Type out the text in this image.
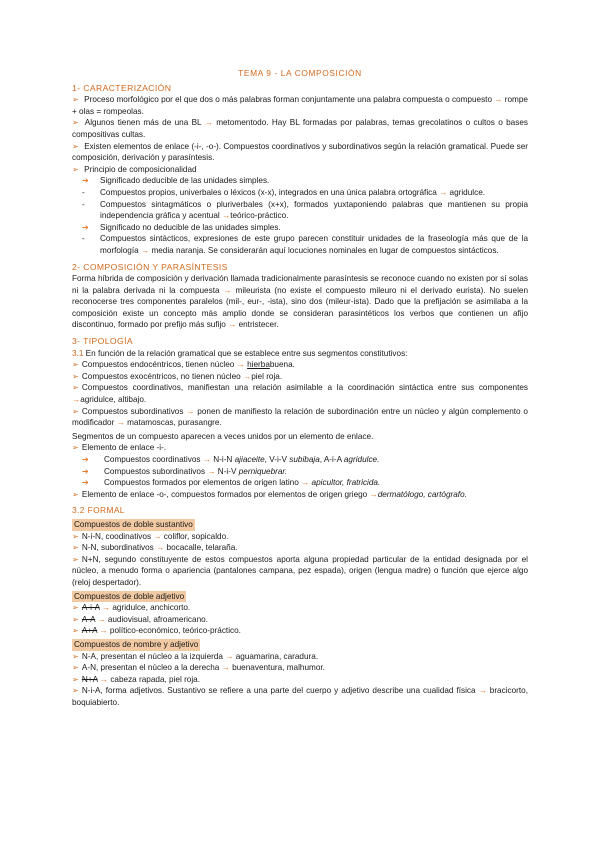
TEMA 9 - LA COMPOSICIÓN
1- CARACTERIZACIÓN
➢ Proceso morfológico por el que dos o más palabras forman conjuntamente una palabra compuesta o compuesto → rompe + olas = rompeolas.
➢ Algunos tienen más de una BL → metomentodo. Hay BL formadas por palabras, temas grecolatinos o cultos o bases compositivas cultas.
➢ Existen elementos de enlace (-i-, -o-). Compuestos coordinativos y subordinativos según la relación gramatical. Puede ser composición, derivación y parasíntesis.
➢ Principio de composicionalidad
➔	Significado deducible de las unidades simples.
-	Compuestos propios, univerbales o léxicos (x-x), integrados en una única palabra ortográfica → agridulce.
-	Compuestos sintagmáticos o pluriverbales (x+x), formados yuxtaponiendo palabras que mantienen su propia independencia gráfica y acentual →teórico-práctico.
➔	Significado no deducible de las unidades simples.
-	Compuestos sintácticos, expresiones de este grupo parecen constituir unidades de la fraseología más que de la morfología → media naranja. Se considerarán aquí locuciones nominales en lugar de compuestos sintácticos.
2- COMPOSICIÓN Y PARASÍNTESIS
Forma híbrida de composición y derivación llamada tradicionalmente parasíntesis se reconoce cuando no existen por sí solas ni la palabra derivada ni la compuesta → mileurista (no existe el compuesto mileuro ni el derivado eurista). No suelen reconocerse tres componentes paralelos (mil-, eur-, -ista), sino dos (mileur-ista). Dado que la prefijación se asimilaba a la composición existe un concepto más amplio donde se consideran parasintéticos los verbos que contienen un afijo discontinuo, formado por prefijo más sufijo → entristecer.
3- TIPOLOGÍA
3.1 En función de la relación gramatical que se establece entre sus segmentos constitutivos:
➢ Compuestos endocéntricos, tienen núcleo → hierbabuena.
➢ Compuestos exocéntricos, no tienen núcleo →piel roja.
➢ Compuestos coordinativos, manifiestan una relación asimilable a la coordinación sintáctica entre sus componentes →agridulce, altibajo.
➢ Compuestos subordinativos → ponen de manifiesto la relación de subordinación entre un núcleo y algún complemento o modificador → matamoscas, purasangre.
Segmentos de un compuesto aparecen a veces unidos por un elemento de enlace.
➢ Elemento de enlace -i-.
➔	Compuestos coordinativos → N-i-N ajiaceite, V-i-V subibaja, A-i-A agridulce.
➔	Compuestos subordinativos → N-i-V perniquebrar.
➔	Compuestos formados por elementos de origen latino → apicultor, fratricida.
➢ Elemento de enlace -o-, compuestos formados por elementos de origen griego →dermatólogo, cartógrafo.
3.2 FORMAL
Compuestos de doble sustantivo
➢ N-i-N, coodinativos → coliflor, sopicaldo.
➢ N-N, subordinativos → bocacalle, telaraña.
➢ N+N, segundo constituyente de estos compuestos aporta alguna propiedad particular de la entidad designada por el núcleo, a menudo forma o apariencia (pantalones campana, pez espada), origen (lengua madre) o función que ejerce algo (reloj despertador).
Compuestos de doble adjetivo
➢ A-i-A → agridulce, anchicorto.
➢ A-A → audiovisual, afroamericano.
➢ A+A → político-económico, teórico-práctico.
Compuestos de nombre y adjetivo
➢ N-A, presentan el núcleo a la izquierda → aguamarina, caradura.
➢ A-N, presentan el núcleo a la derecha → buenaventura, malhumor.
➢ N+A → cabeza rapada, piel roja.
➢ N-i-A, forma adjetivos. Sustantivo se refiere a una parte del cuerpo y adjetivo describe una cualidad física → bracicorto, boquiabierto.
